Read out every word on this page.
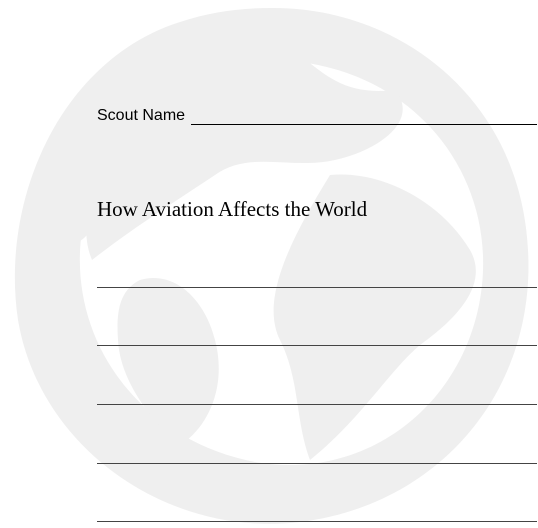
Scout Name
How Aviation Affects the World
